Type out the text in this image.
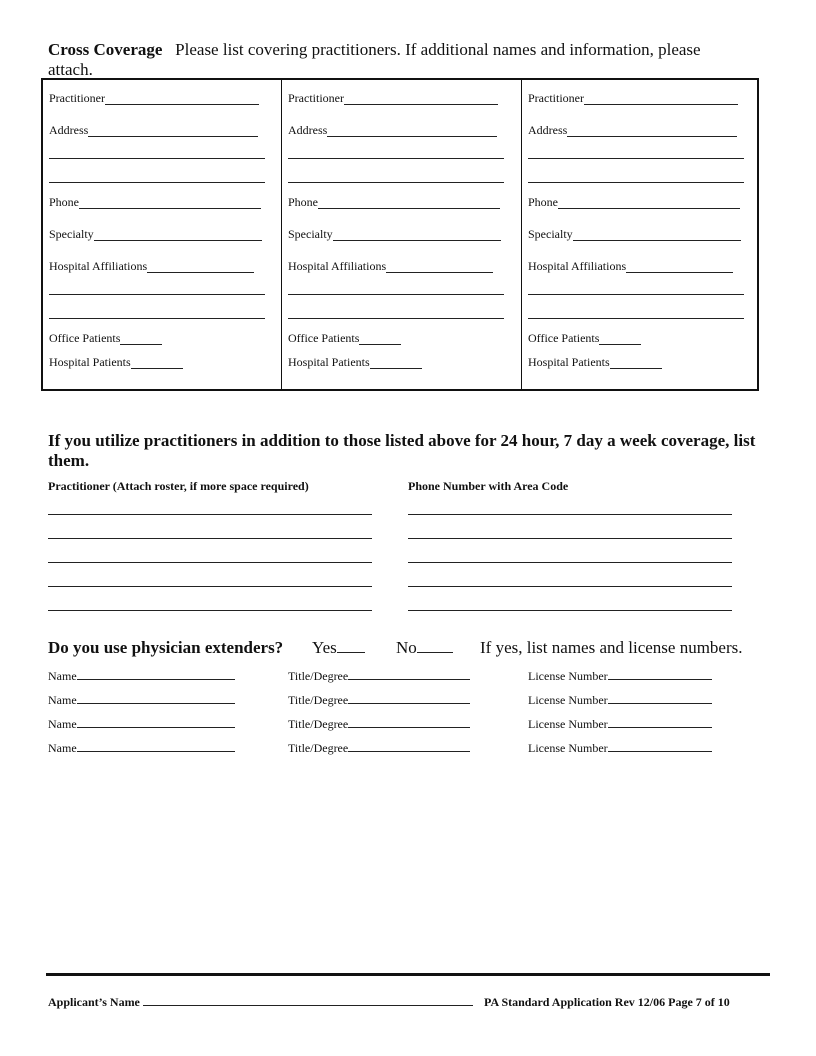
Cross Coverage Please list covering practitioners. If additional names and information, please
attach.
Practitioner
Address
Phone
Specialty
Hospital Affiliations
Office Patients
Hospital Patients
Practitioner
Address
Phone
Specialty
Hospital Affiliations
Office Patients
Hospital Patients
Practitioner
Address
Phone
Specialty
Hospital Affiliations
Office Patients
Hospital Patients
If you utilize practitioners in addition to those listed above for 24 hour, 7 day a week coverage, list
them.
Practitioner (Attach roster, if more space required)	Phone Number with Area Code
Do you use physician extenders? Yes	No	If yes, list names and license numbers.
Name	Title/Degree	License Number
Name	Title/Degree	License Number
Name	Title/Degree	License Number
Name	Title/Degree	License Number
Applicant’s Name	PA Standard Application Rev 12/06 Page 7 of 10
